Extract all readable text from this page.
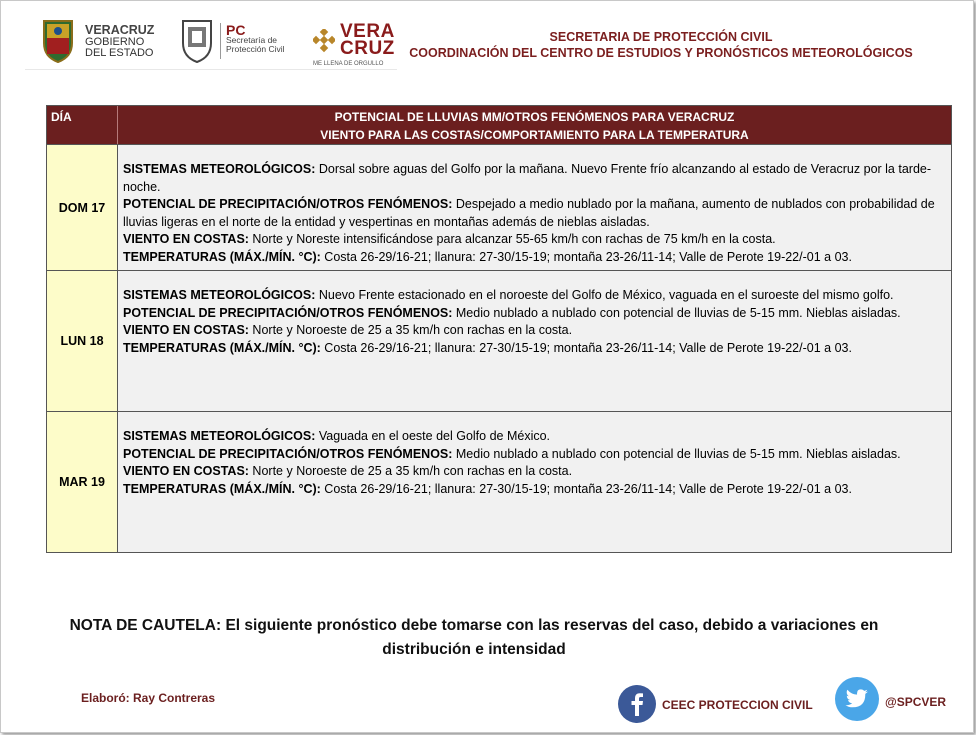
VERACRUZ
GOBIERNO
DEL ESTADO
PC
Secretaría de
Protección Civil
VERA
CRUZ
ME LLENA DE ORGULLO
SECRETARIA DE PROTECCIÓN CIVIL
COORDINACIÓN DEL CENTRO DE ESTUDIOS Y PRONÓSTICOS METEOROLÓGICOS
DÍA	POTENCIAL DE LLUVIAS MM/OTROS FENÓMENOS PARA VERACRUZ
VIENTO PARA LAS COSTAS/COMPORTAMIENTO PARA LA TEMPERATURA
DOM 17
SISTEMAS METEOROLÓGICOS: Dorsal sobre aguas del Golfo por la mañana. Nuevo Frente frío alcanzando al estado de Veracruz por la tarde-noche.
POTENCIAL DE PRECIPITACIÓN/OTROS FENÓMENOS: Despejado a medio nublado por la mañana, aumento de nublados con probabilidad de lluvias ligeras en el norte de la entidad y vespertinas en montañas además de nieblas aisladas.
VIENTO EN COSTAS: Norte y Noreste intensificándose para alcanzar 55-65 km/h con rachas de 75 km/h en la costa.
TEMPERATURAS (MÁX./MÍN. °C): Costa 26-29/16-21; llanura: 27-30/15-19; montaña 23-26/11-14; Valle de Perote 19-22/-01 a 03.
LUN 18
SISTEMAS METEOROLÓGICOS: Nuevo Frente estacionado en el noroeste del Golfo de México, vaguada en el suroeste del mismo golfo.
POTENCIAL DE PRECIPITACIÓN/OTROS FENÓMENOS: Medio nublado a nublado con potencial de lluvias de 5-15 mm. Nieblas aisladas.
VIENTO EN COSTAS: Norte y Noroeste de 25 a 35 km/h con rachas en la costa.
TEMPERATURAS (MÁX./MÍN. °C): Costa 26-29/16-21; llanura: 27-30/15-19; montaña 23-26/11-14; Valle de Perote 19-22/-01 a 03.
MAR 19
SISTEMAS METEOROLÓGICOS: Vaguada en el oeste del Golfo de México.
POTENCIAL DE PRECIPITACIÓN/OTROS FENÓMENOS: Medio nublado a nublado con potencial de lluvias de 5-15 mm. Nieblas aisladas.
VIENTO EN COSTAS: Norte y Noroeste de 25 a 35 km/h con rachas en la costa.
TEMPERATURAS (MÁX./MÍN. °C): Costa 26-29/16-21; llanura: 27-30/15-19; montaña 23-26/11-14; Valle de Perote 19-22/-01 a 03.
NOTA DE CAUTELA: El siguiente pronóstico debe tomarse con las reservas del caso, debido a variaciones en
distribución e intensidad
Elaboró: Ray Contreras	CEEC PROTECCION CIVIL	@SPCVER
